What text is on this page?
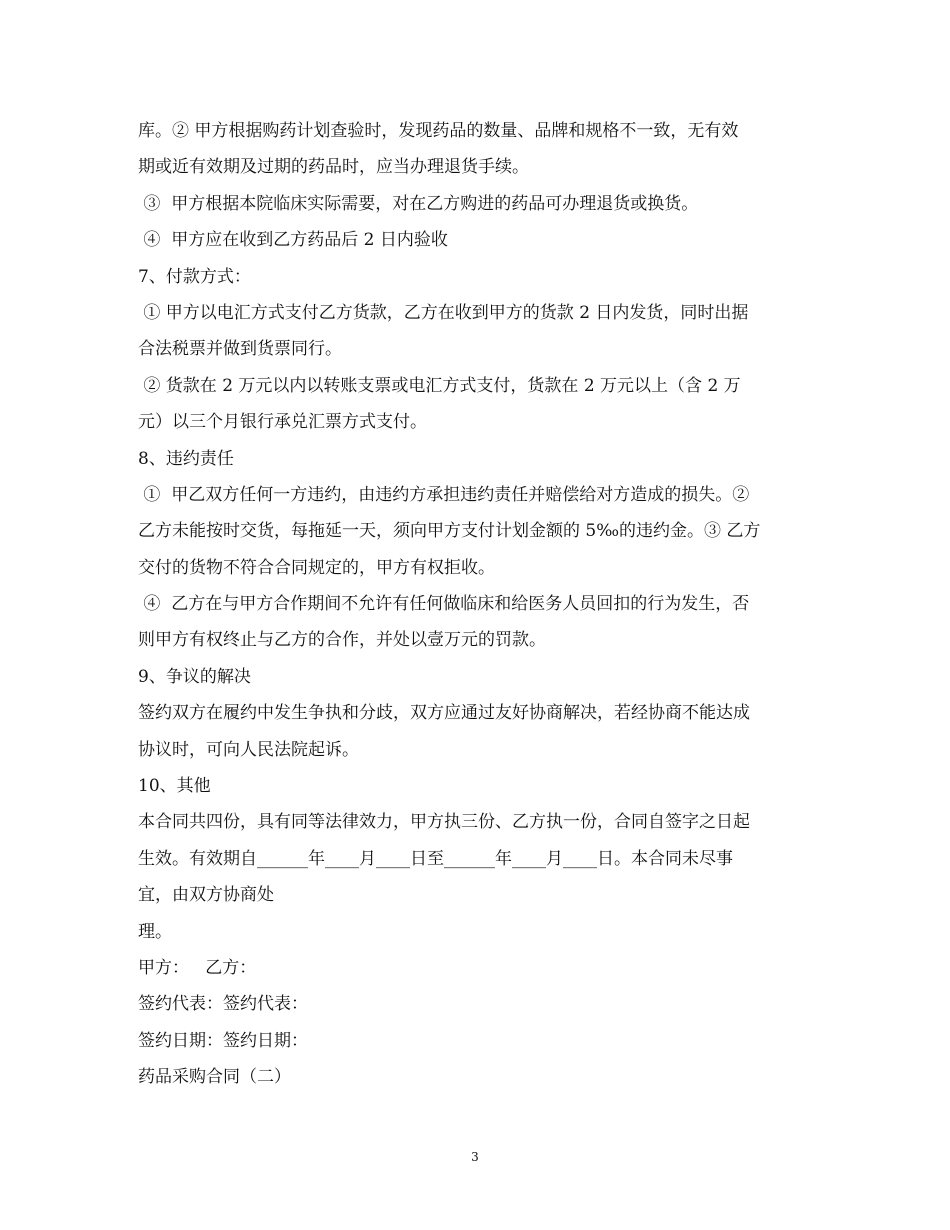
库。② 甲方根据购药计划查验时，发现药品的数量、品牌和规格不一致，无有效
期或近有效期及过期的药品时，应当办理退货手续。
③  甲方根据本院临床实际需要，对在乙方购进的药品可办理退货或换货。
④  甲方应在收到乙方药品后 2 日内验收
7、付款方式：
① 甲方以电汇方式支付乙方货款，乙方在收到甲方的货款 2 日内发货，同时出据
合法税票并做到货票同行。
② 货款在 2 万元以内以转账支票或电汇方式支付，货款在 2 万元以上（含 2 万
元）以三个月银行承兑汇票方式支付。
8、违约责任
①  甲乙双方任何一方违约，由违约方承担违约责任并赔偿给对方造成的损失。②
乙方未能按时交货，每拖延一天，须向甲方支付计划金额的 5‰的违约金。③ 乙方
交付的货物不符合合同规定的，甲方有权拒收。
④  乙方在与甲方合作期间不允许有任何做临床和给医务人员回扣的行为发生，否
则甲方有权终止与乙方的合作，并处以壹万元的罚款。
9、争议的解决
签约双方在履约中发生争执和分歧，双方应通过友好协商解决，若经协商不能达成
协议时，可向人民法院起诉。
10、其他
本合同共四份，具有同等法律效力，甲方执三份、乙方执一份，合同自签字之日起
生效。有效期自______年____月____日至______年____月____日。本合同未尽事
宜，由双方协商处
理。
甲方：   乙方：
签约代表：签约代表：
签约日期：签约日期：
药品采购合同（二）
3
